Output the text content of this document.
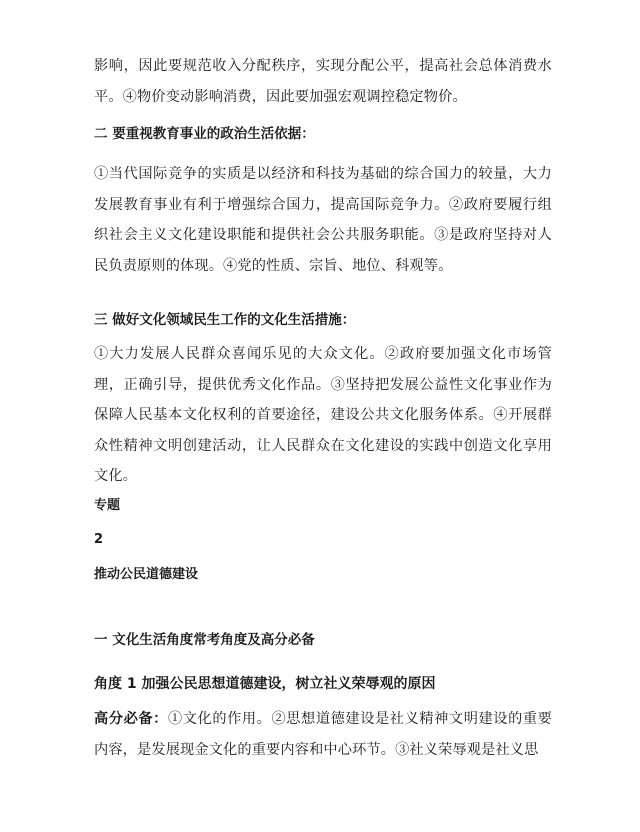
影响，因此要规范收入分配秩序，实现分配公平，提高社会总体消费水平。④物价变动影响消费，因此要加强宏观调控稳定物价。

二 要重视教育事业的政治生活依据：

①当代国际竞争的实质是以经济和科技为基础的综合国力的较量，大力发展教育事业有利于增强综合国力，提高国际竞争力。②政府要履行组织社会主义文化建设职能和提供社会公共服务职能。③是政府坚持对人民负责原则的体现。④党的性质、宗旨、地位、科观等。

三 做好文化领域民生工作的文化生活措施：

①大力发展人民群众喜闻乐见的大众文化。②政府要加强文化市场管理，正确引导，提供优秀文化作品。③坚持把发展公益性文化事业作为保障人民基本文化权利的首要途径，建设公共文化服务体系。④开展群众性精神文明创建活动，让人民群众在文化建设的实践中创造文化享用文化。

专题

2

推动公民道德建设

一 文化生活角度常考角度及高分必备

角度 1 加强公民思想道德建设，树立社义荣辱观的原因

高分必备：①文化的作用。②思想道德建设是社义精神文明建设的重要内容，是发展现金文化的重要内容和中心环节。③社义荣辱观是社义思
